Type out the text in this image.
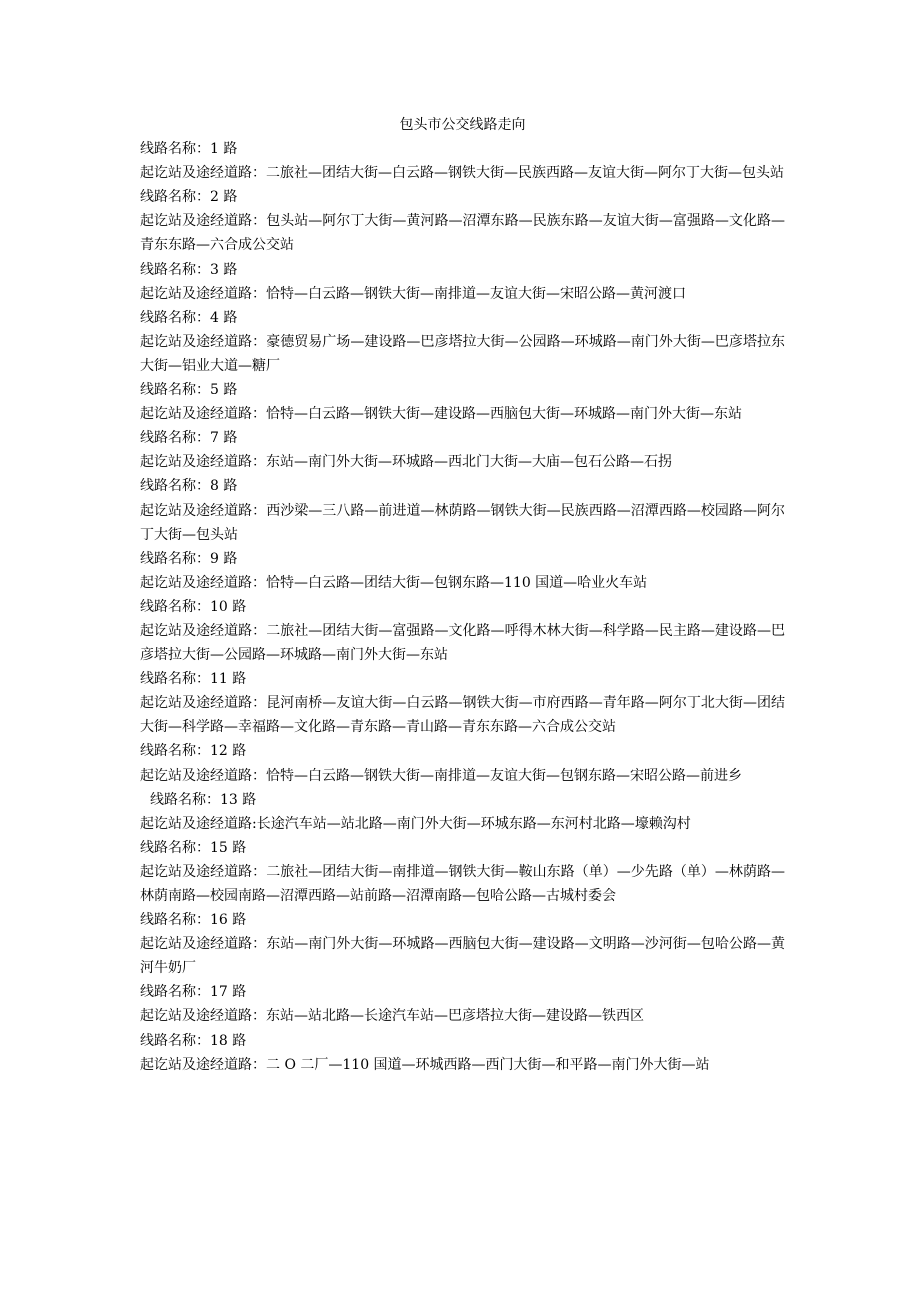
包头市公交线路走向

线路名称：1 路

起讫站及途经道路：二旅社—团结大街—白云路—钢铁大街—民族西路—友谊大街—阿尔丁大街—包头站

线路名称：2 路

起讫站及途经道路：包头站—阿尔丁大街—黄河路—沼潭东路—民族东路—友谊大街—富强路—文化路—青东东路—六合成公交站

线路名称：3 路

起讫站及途经道路：恰特—白云路—钢铁大街—南排道—友谊大街—宋昭公路—黄河渡口

线路名称：4 路

起讫站及途经道路：豪德贸易广场—建设路—巴彦塔拉大街—公园路—环城路—南门外大街—巴彦塔拉东大街—铝业大道—糖厂

线路名称：5 路

起讫站及途经道路：恰特—白云路—钢铁大街—建设路—西脑包大街—环城路—南门外大街—东站

线路名称：7 路

起讫站及途经道路：东站—南门外大街—环城路—西北门大街—大庙—包石公路—石拐

线路名称：8 路

起讫站及途经道路：西沙梁—三八路—前进道—林荫路—钢铁大街—民族西路—沼潭西路—校园路—阿尔丁大街—包头站

线路名称：9 路

起讫站及途经道路：恰特—白云路—团结大街—包钢东路—110 国道—哈业火车站

线路名称：10 路

起讫站及途经道路：二旅社—团结大街—富强路—文化路—呼得木林大街—科学路—民主路—建设路—巴彦塔拉大街—公园路—环城路—南门外大街—东站

线路名称：11 路

起讫站及途经道路：昆河南桥—友谊大街—白云路—钢铁大街—市府西路—青年路—阿尔丁北大街—团结大街—科学路—幸福路—文化路—青东路—青山路—青东东路—六合成公交站

线路名称：12 路

起讫站及途经道路：恰特—白云路—钢铁大街—南排道—友谊大街—包钢东路—宋昭公路—前进乡

线路名称：13 路

起讫站及途经道路:长途汽车站—站北路—南门外大街—环城东路—东河村北路—壕赖沟村

线路名称：15 路

起讫站及途经道路：二旅社—团结大街—南排道—钢铁大街—鞍山东路（单）—少先路（单）—林荫路—林荫南路—校园南路—沼潭西路—站前路—沼潭南路—包哈公路—古城村委会

线路名称：16 路

起讫站及途经道路：东站—南门外大街—环城路—西脑包大街—建设路—文明路—沙河街—包哈公路—黄河牛奶厂

线路名称：17 路

起讫站及途经道路：东站—站北路—长途汽车站—巴彦塔拉大街—建设路—铁西区

线路名称：18 路

起讫站及途经道路：二 O 二厂—110 国道—环城西路—西门大街—和平路—南门外大街—站
